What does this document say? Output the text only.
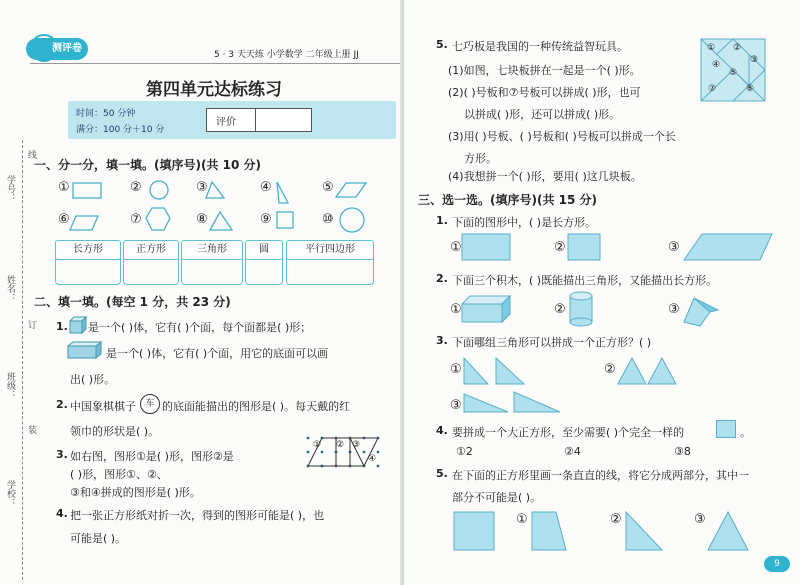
测评卷
5 · 3 天天练 小学数学 二年级上册 JJ
第四单元达标练习
时间：50 分钟
满分：100 分＋10 分
评价
学号：
姓名：
班级：
学校：
线
订
装
一、分一分，填一填。(填序号)(共 10 分)
①	②	③	④	⑤
⑥	⑦	⑧	⑨	⑩
长方形	正方形	三角形	圆	平行四边形
二、填一填。(每空 1 分，共 23 分)
1. 是一个( )体，它有( )个面，每个面都是( )形；
是一个( )体，它有( )个面，用它的底面可以画
出( )形。
2. 中国象棋棋子	车 的底面能描出的图形是( )。每天戴的红
领巾的形状是( )。
3. 如右图，图形①是( )形，图形②是
( )形，图形①、②、
③和④拼成的图形是( )形。
① ② ③
④
4. 把一张正方形纸对折一次，得到的图形可能是( )，也
可能是( )。
5. 七巧板是我国的一种传统益智玩具。
(1)如图，七块板拼在一起是一个( )形。
(2)( )号板和⑦号板可以拼成( )形，也可
以拼成( )形，还可以拼成( )形。
(3)用( )号板、( )号板和( )号板可以拼成一个长
方形。
(4)我想拼一个( )形，要用( )这几块板。
① ②
③
④
⑤
⑥
⑦
三、选一选。(填序号)(共 15 分)
1. 下面的图形中，( )是长方形。
①	②	③
2. 下面三个积木，( )既能描出三角形，又能描出长方形。
①	②	③
3. 下面哪组三角形可以拼成一个正方形？( )
①	②
③
4. 要拼成一个大正方形，至少需要( )个完全一样的	。
①2	②4	③8
5. 在下面的正方形里画一条直直的线，将它分成两部分，其中一
部分不可能是( )。
①	②	③
9
